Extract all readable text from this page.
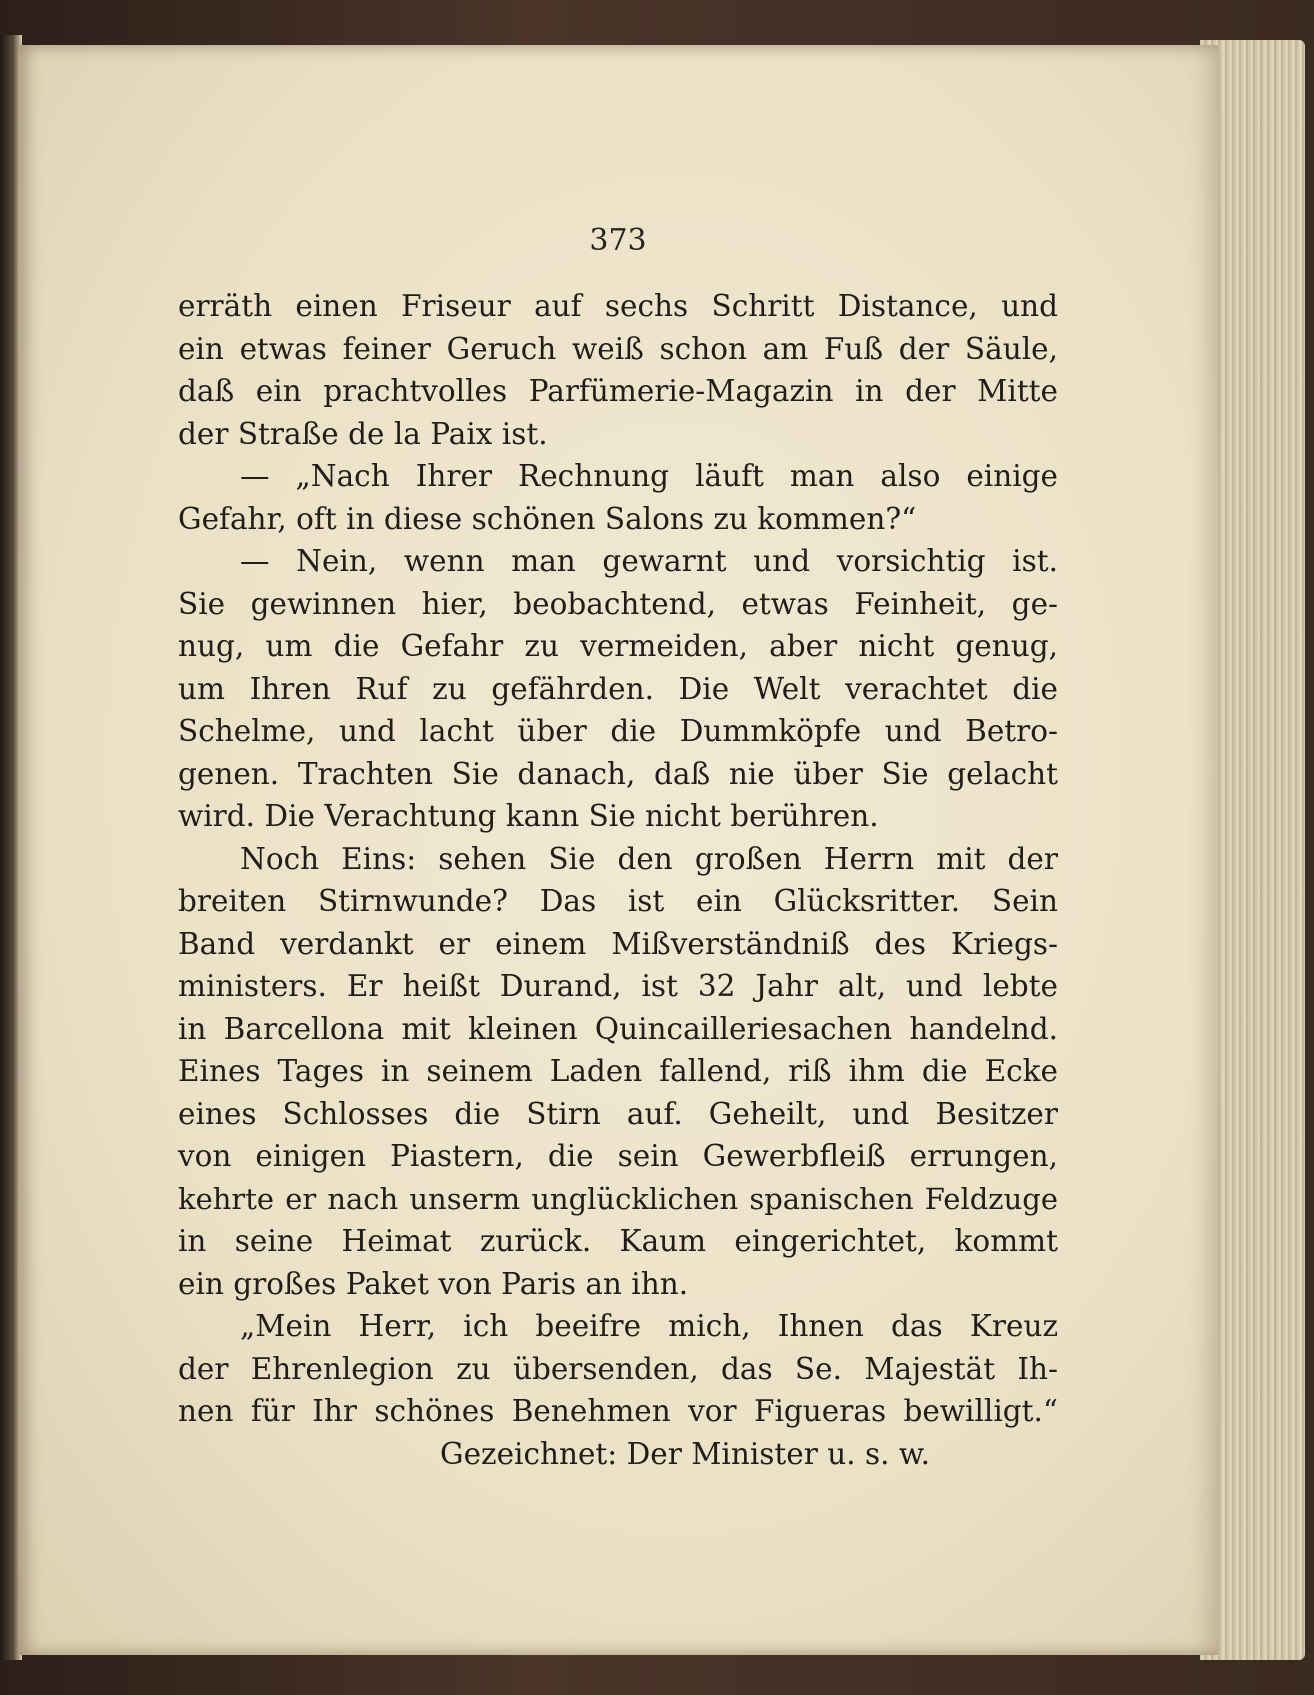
373
erräth einen Friseur auf sechs Schritt Distance, und
ein etwas feiner Geruch weiß schon am Fuß der Säule,
daß ein prachtvolles Parfümerie-Magazin in der Mitte
der Straße de la Paix ist.
— „Nach Ihrer Rechnung läuft man also einige
Gefahr, oft in diese schönen Salons zu kommen?“
— Nein, wenn man gewarnt und vorsichtig ist.
Sie gewinnen hier, beobachtend, etwas Feinheit, ge-
nug, um die Gefahr zu vermeiden, aber nicht genug,
um Ihren Ruf zu gefährden. Die Welt verachtet die
Schelme, und lacht über die Dummköpfe und Betro-
genen. Trachten Sie danach, daß nie über Sie gelacht
wird. Die Verachtung kann Sie nicht berühren.
Noch Eins: sehen Sie den großen Herrn mit der
breiten Stirnwunde? Das ist ein Glücksritter. Sein
Band verdankt er einem Mißverständniß des Kriegs-
ministers. Er heißt Durand, ist 32 Jahr alt, und lebte
in Barcellona mit kleinen Quincailleriesachen handelnd.
Eines Tages in seinem Laden fallend, riß ihm die Ecke
eines Schlosses die Stirn auf. Geheilt, und Besitzer
von einigen Piastern, die sein Gewerbfleiß errungen,
kehrte er nach unserm unglücklichen spanischen Feldzuge
in seine Heimat zurück. Kaum eingerichtet, kommt
ein großes Paket von Paris an ihn.
„Mein Herr, ich beeifre mich, Ihnen das Kreuz
der Ehrenlegion zu übersenden, das Se. Majestät Ih-
nen für Ihr schönes Benehmen vor Figueras bewilligt.“
Gezeichnet: Der Minister u. s. w.
